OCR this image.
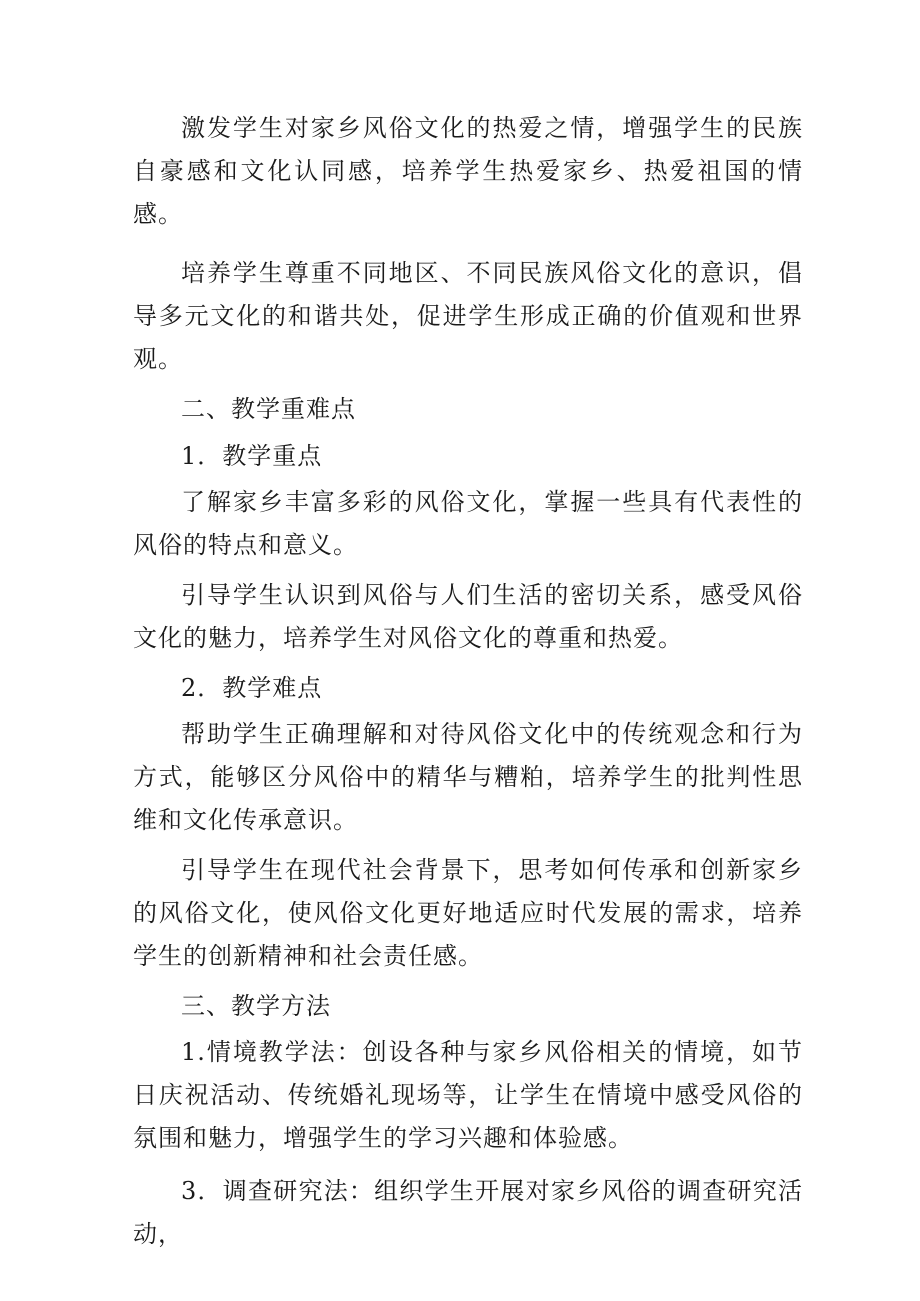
激发学生对家乡风俗文化的热爱之情，增强学生的民族自豪感和文化认同感，培养学生热爱家乡、热爱祖国的情感。

培养学生尊重不同地区、不同民族风俗文化的意识，倡导多元文化的和谐共处，促进学生形成正确的价值观和世界观。

二、教学重难点

1．教学重点

了解家乡丰富多彩的风俗文化，掌握一些具有代表性的风俗的特点和意义。

引导学生认识到风俗与人们生活的密切关系，感受风俗文化的魅力，培养学生对风俗文化的尊重和热爱。

2．教学难点

帮助学生正确理解和对待风俗文化中的传统观念和行为方式，能够区分风俗中的精华与糟粕，培养学生的批判性思维和文化传承意识。

引导学生在现代社会背景下，思考如何传承和创新家乡的风俗文化，使风俗文化更好地适应时代发展的需求，培养学生的创新精神和社会责任感。

三、教学方法

1.情境教学法：创设各种与家乡风俗相关的情境，如节日庆祝活动、传统婚礼现场等，让学生在情境中感受风俗的氛围和魅力，增强学生的学习兴趣和体验感。

3．调查研究法：组织学生开展对家乡风俗的调查研究活动，
